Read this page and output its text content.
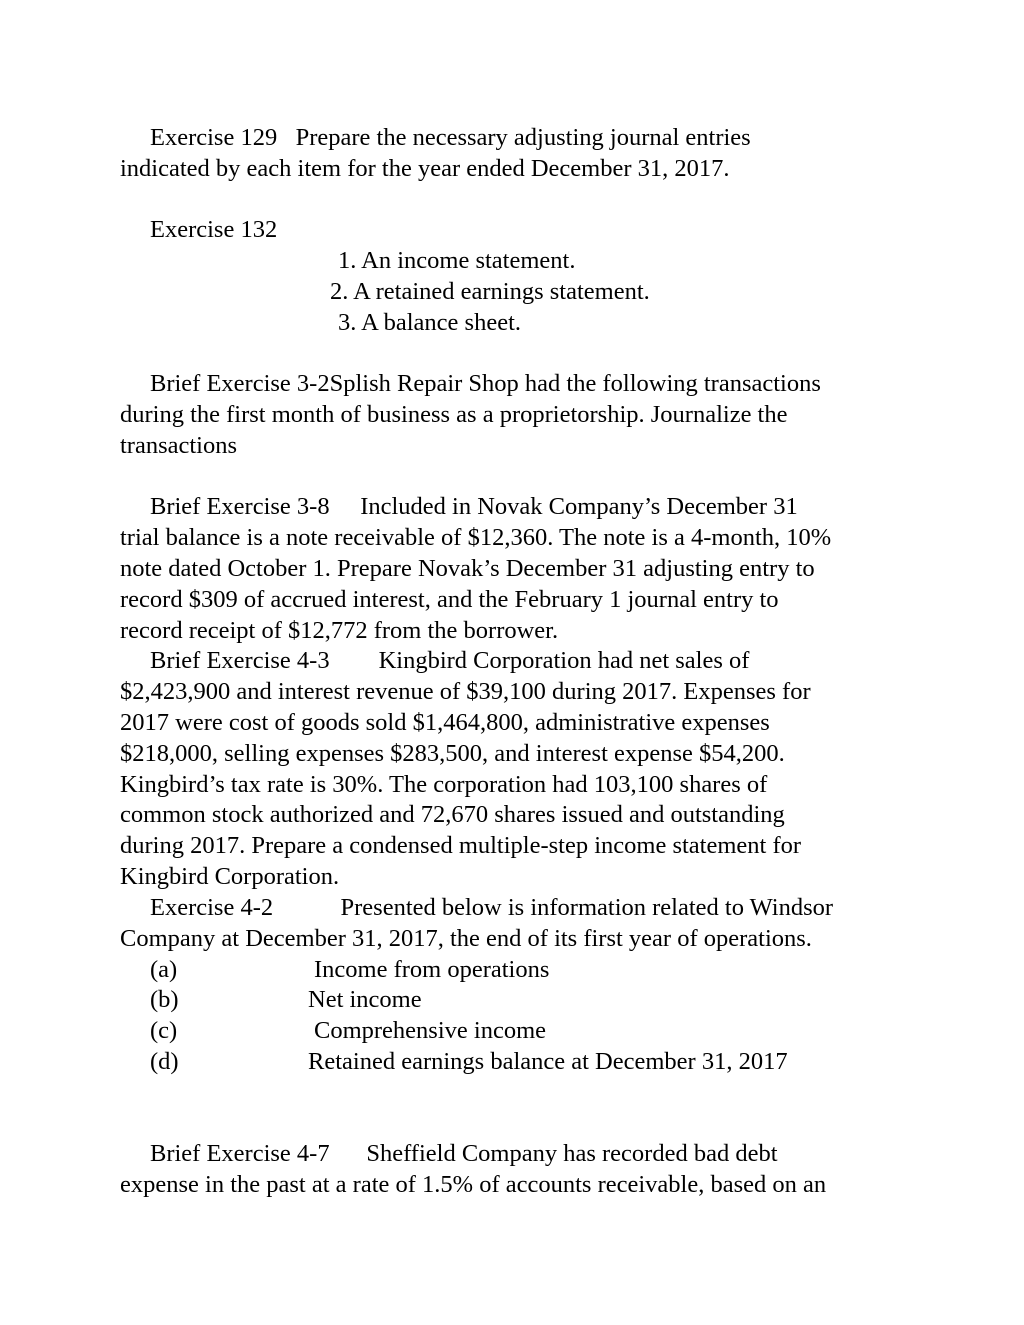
Exercise 129   Prepare the necessary adjusting journal entries
indicated by each item for the year ended December 31, 2017.
Exercise 132
1. An income statement.
2. A retained earnings statement.
3. A balance sheet.
Brief Exercise 3-2Splish Repair Shop had the following transactions
during the first month of business as a proprietorship. Journalize the
transactions
Brief Exercise 3-8     Included in Novak Company’s December 31
trial balance is a note receivable of $12,360. The note is a 4-month, 10%
note dated October 1. Prepare Novak’s December 31 adjusting entry to
record $309 of accrued interest, and the February 1 journal entry to
record receipt of $12,772 from the borrower.
Brief Exercise 4-3        Kingbird Corporation had net sales of
$2,423,900 and interest revenue of $39,100 during 2017. Expenses for
2017 were cost of goods sold $1,464,800, administrative expenses
$218,000, selling expenses $283,500, and interest expense $54,200.
Kingbird’s tax rate is 30%. The corporation had 103,100 shares of
common stock authorized and 72,670 shares issued and outstanding
during 2017. Prepare a condensed multiple-step income statement for
Kingbird Corporation.
Exercise 4-2           Presented below is information related to Windsor
Company at December 31, 2017, the end of its first year of operations.
(a)	Income from operations
(b)	Net income
(c)	Comprehensive income
(d)	Retained earnings balance at December 31, 2017
Brief Exercise 4-7      Sheffield Company has recorded bad debt
expense in the past at a rate of 1.5% of accounts receivable, based on an
